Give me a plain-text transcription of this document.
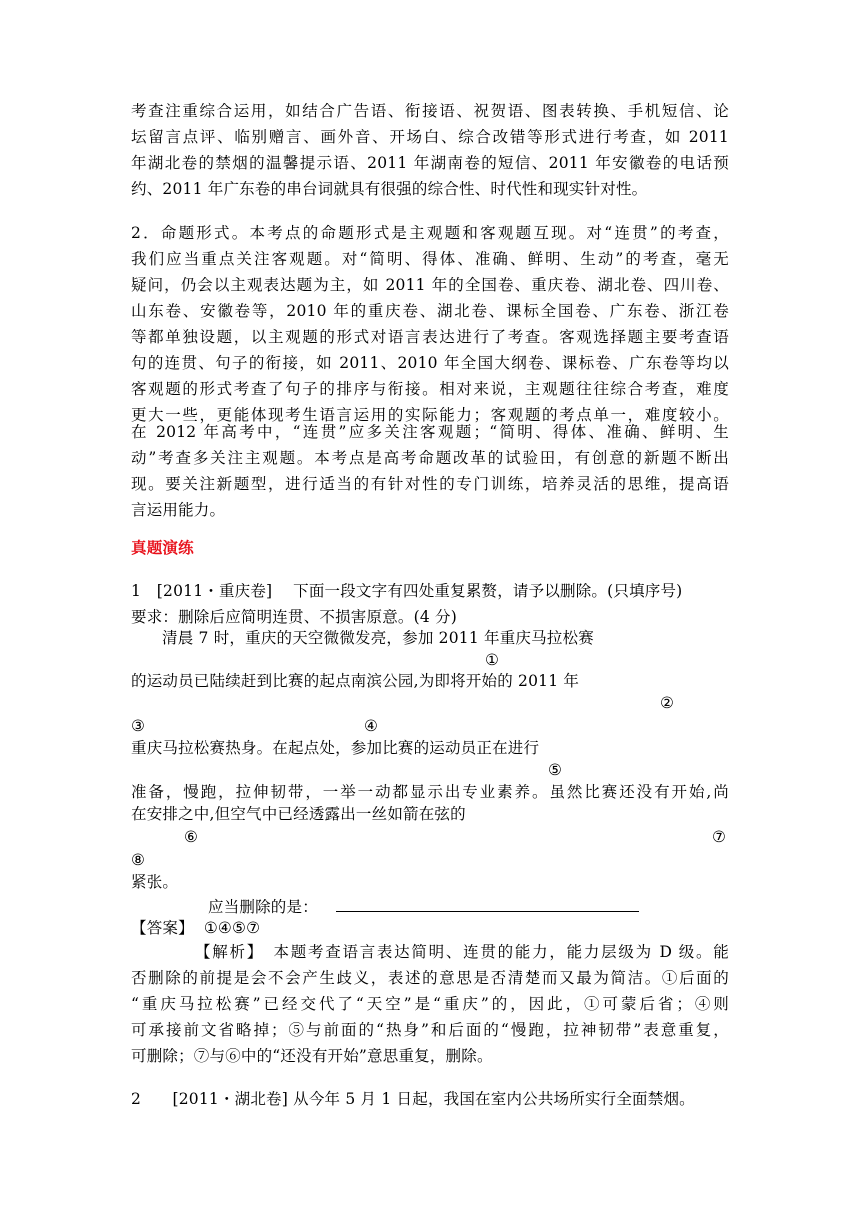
考查注重综合运用，如结合广告语、衔接语、祝贺语、图表转换、手机短信、论
坛留言点评、临别赠言、画外音、开场白、综合改错等形式进行考查，如 2011
年湖北卷的禁烟的温馨提示语、2011 年湖南卷的短信、2011 年安徽卷的电话预
约、2011 年广东卷的串台词就具有很强的综合性、时代性和现实针对性。
2．命题形式。本考点的命题形式是主观题和客观题互现。对“连贯”的考查，
我们应当重点关注客观题。对“简明、得体、准确、鲜明、生动”的考查，毫无
疑问，仍会以主观表达题为主，如 2011 年的全国卷、重庆卷、湖北卷、四川卷、
山东卷、安徽卷等，2010 年的重庆卷、湖北卷、课标全国卷、广东卷、浙江卷
等都单独设题，以主观题的形式对语言表达进行了考查。客观选择题主要考查语
句的连贯、句子的衔接，如 2011、2010 年全国大纲卷、课标卷、广东卷等均以
客观题的形式考查了句子的排序与衔接。相对来说，主观题往往综合考查，难度
更大一些，更能体现考生语言运用的实际能力；客观题的考点单一，难度较小。
在 2012 年高考中，“连贯”应多关注客观题；“简明、得体、准确、鲜明、生
动”考查多关注主观题。本考点是高考命题改革的试验田，有创意的新题不断出
现。要关注新题型，进行适当的有针对性的专门训练，培养灵活的思维，提高语
言运用能力。
真题演练
1　[2011・重庆卷]　 下面一段文字有四处重复累赘，请予以删除。(只填序号)
要求：删除后应简明连贯、不损害原意。(4 分)
清晨 7 时，重庆的天空微微发亮，参加 2011 年重庆马拉松赛
①
的运动员已陆续赶到比赛的起点南滨公园,为即将开始的 2011 年
②
③	④
重庆马拉松赛热身。在起点处，参加比赛的运动员正在进行
⑤
准备，慢跑，拉伸韧带，一举一动都显示出专业素养。虽然比赛还没有开始,尚
在安排之中,但空气中已经透露出一丝如箭在弦的
⑥	⑦
⑧
紧张。
应当删除的是：
【答案】 ①④⑤⑦
【解析】　本题考查语言表达简明、连贯的能力，能力层级为 D 级。能
否删除的前提是会不会产生歧义，表述的意思是否清楚而又最为简洁。①后面的
“重庆马拉松赛”已经交代了“天空”是“重庆”的，因此，①可蒙后省；④则
可承接前文省略掉；⑤与前面的“热身”和后面的“慢跑，拉神韧带”表意重复，
可删除；⑦与⑥中的“还没有开始”意思重复，删除。
2　　[2011・湖北卷] 从今年 5 月 1 日起，我国在室内公共场所实行全面禁烟。
